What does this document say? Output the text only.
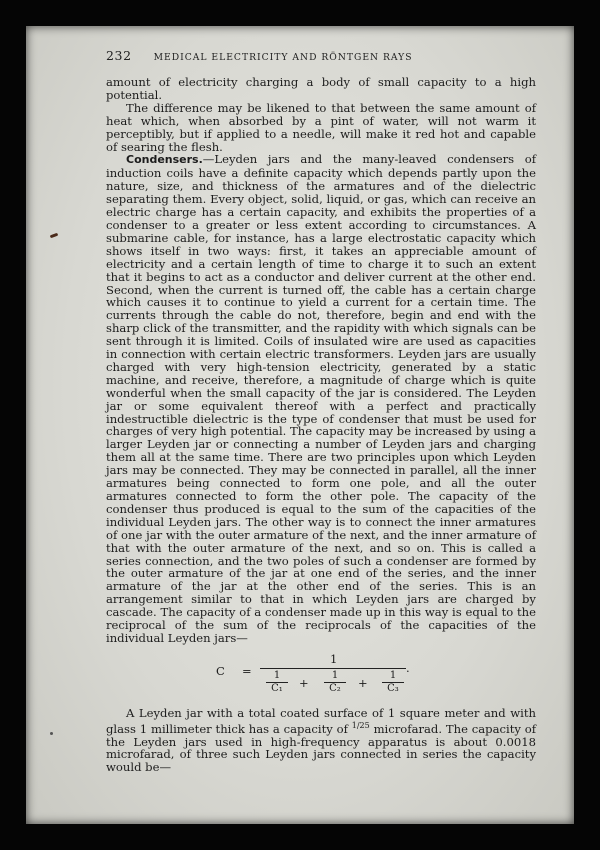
232 MEDICAL ELECTRICITY AND RÖNTGEN RAYS

amount of electricity charging a body of small capacity to a high potential.

The difference may be likened to that between the same amount of heat which, when absorbed by a pint of water, will not warm it perceptibly, but if applied to a needle, will make it red hot and capable of searing the flesh.

Condensers.—Leyden jars and the many-leaved condensers of induction coils have a definite capacity which depends partly upon the nature, size, and thickness of the armatures and of the dielectric separating them. Every object, solid, liquid, or gas, which can receive an electric charge has a certain capacity, and exhibits the properties of a condenser to a greater or less extent according to circumstances. A submarine cable, for instance, has a large electrostatic capacity which shows itself in two ways: first, it takes an appreciable amount of electricity and a certain length of time to charge it to such an extent that it begins to act as a conductor and deliver current at the other end. Second, when the current is turned off, the cable has a certain charge which causes it to continue to yield a current for a certain time. The currents through the cable do not, therefore, begin and end with the sharp click of the transmitter, and the rapidity with which signals can be sent through it is limited. Coils of insulated wire are used as capacities in connection with certain electric transformers. Leyden jars are usually charged with very high-tension electricity, generated by a static machine, and receive, therefore, a magnitude of charge which is quite wonderful when the small capacity of the jar is considered. The Leyden jar or some equivalent thereof with a perfect and practically indestructible dielectric is the type of condenser that must be used for charges of very high potential. The capacity may be increased by using a larger Leyden jar or connecting a number of Leyden jars and charging them all at the same time. There are two principles upon which Leyden jars may be connected. They may be connected in parallel, all the inner armatures being connected to form one pole, and all the outer armatures connected to form the other pole. The capacity of the condenser thus produced is equal to the sum of the capacities of the individual Leyden jars. The other way is to connect the inner armatures of one jar with the outer armature of the next, and the inner armature of that with the outer armature of the next, and so on. This is called a series connection, and the two poles of such a condenser are formed by the outer armature of the jar at one end of the series, and the inner armature of the jar at the other end of the series. This is an arrangement similar to that in which Leyden jars are charged by cascade. The capacity of a condenser made up in this way is equal to the reciprocal of the sum of the reciprocals of the capacities of the individual Leyden jars—

C =
1
$\frac{1}{\text{C₁}} + \frac{1}{\text{C₂}} + \frac{1}{\text{C₃}}$ ·

A Leyden jar with a total coated surface of 1 square meter and with glass 1 millimeter thick has a capacity of $^{1/25}$ microfarad. The capacity of the Leyden jars used in high-frequency apparatus is about 0.0018 microfarad, of three such Leyden jars connected in series the capacity would be—
